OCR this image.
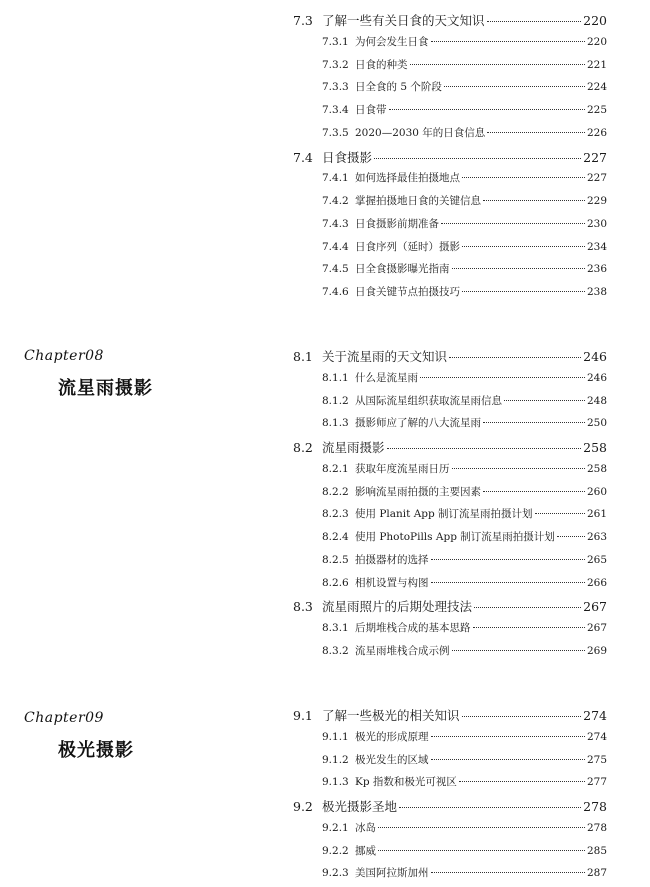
Chapter08
流星雨摄影
Chapter09
极光摄影
7.3 了解一些有关日食的天文知识	220
7.3.1 为何会发生日食	220
7.3.2 日食的种类	221
7.3.3 日全食的 5 个阶段	224
7.3.4 日食带	225
7.3.5 2020—2030 年的日食信息	226
7.4 日食摄影	227
7.4.1 如何选择最佳拍摄地点	227
7.4.2 掌握拍摄地日食的关键信息	229
7.4.3 日食摄影前期准备	230
7.4.4 日食序列（延时）摄影	234
7.4.5 日全食摄影曝光指南	236
7.4.6 日食关键节点拍摄技巧	238
8.1 关于流星雨的天文知识	246
8.1.1 什么是流星雨	246
8.1.2 从国际流星组织获取流星雨信息	248
8.1.3 摄影师应了解的八大流星雨	250
8.2 流星雨摄影	258
8.2.1 获取年度流星雨日历	258
8.2.2 影响流星雨拍摄的主要因素	260
8.2.3 使用 Planit App 制订流星雨拍摄计划	261
8.2.4 使用 PhotoPills App 制订流星雨拍摄计划	263
8.2.5 拍摄器材的选择	265
8.2.6 相机设置与构图	266
8.3 流星雨照片的后期处理技法	267
8.3.1 后期堆栈合成的基本思路	267
8.3.2 流星雨堆栈合成示例	269
9.1 了解一些极光的相关知识	274
9.1.1 极光的形成原理	274
9.1.2 极光发生的区域	275
9.1.3 Kp 指数和极光可视区	277
9.2 极光摄影圣地	278
9.2.1 冰岛	278
9.2.2 挪威	285
9.2.3 美国阿拉斯加州	287
